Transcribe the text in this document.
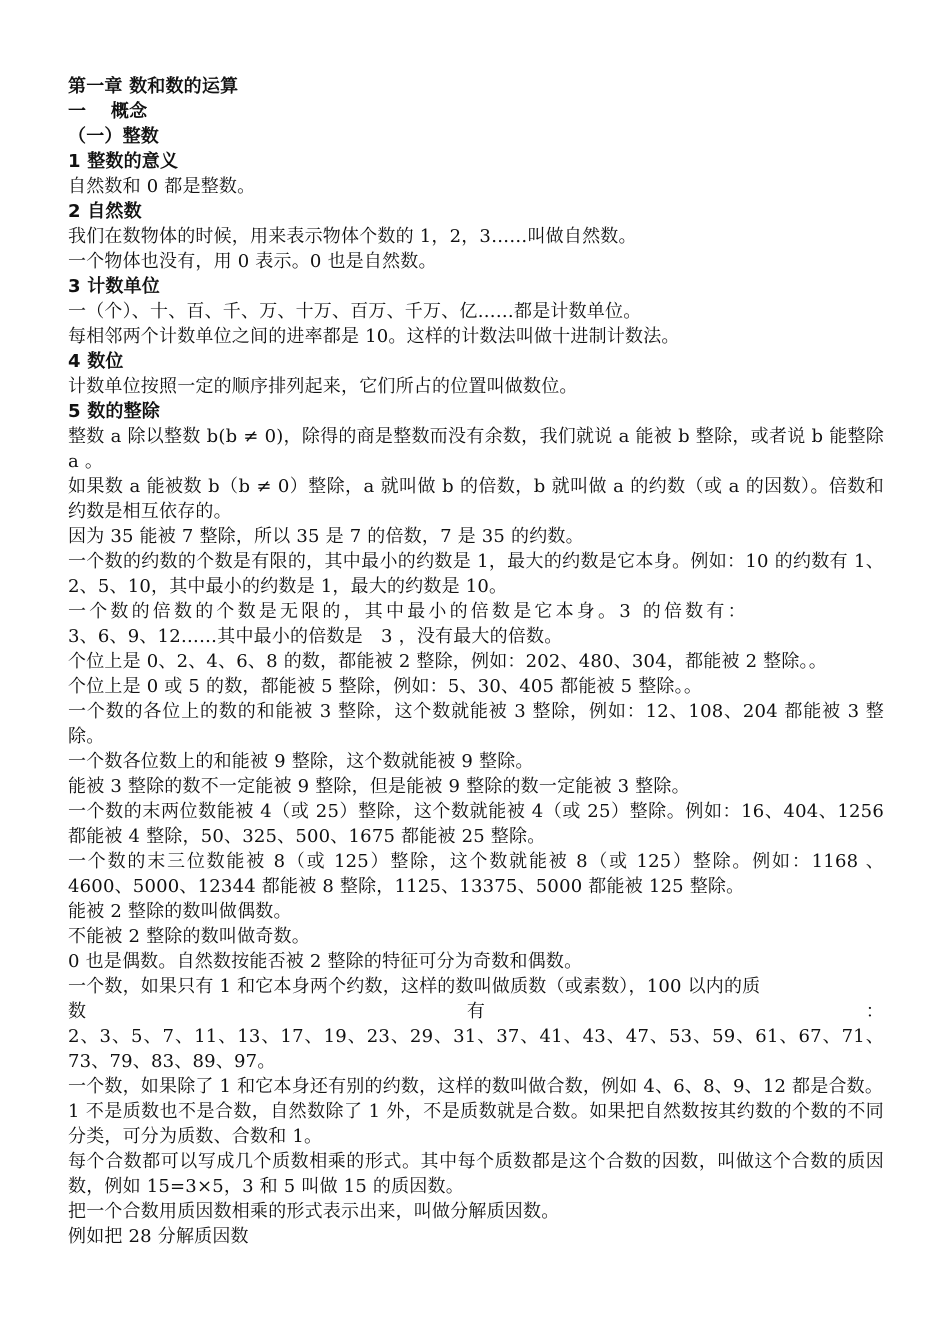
第一章 数和数的运算

一　 概念

（一）整数

1 整数的意义

自然数和 0 都是整数。

2 自然数

我们在数物体的时候，用来表示物体个数的 1，2，3……叫做自然数。

一个物体也没有，用 0 表示。0 也是自然数。

3 计数单位

一（个）、十、百、千、万、十万、百万、千万、亿……都是计数单位。

每相邻两个计数单位之间的进率都是 10。这样的计数法叫做十进制计数法。

4 数位

计数单位按照一定的顺序排列起来，它们所占的位置叫做数位。

5 数的整除

整数 a 除以整数 b(b ≠ 0)，除得的商是整数而没有余数，我们就说 a 能被 b 整除，或者说 b 能整除 a 。

如果数 a 能被数 b（b ≠ 0）整除，a 就叫做 b 的倍数，b 就叫做 a 的约数（或 a 的因数）。倍数和约数是相互依存的。

因为 35 能被 7 整除，所以 35 是 7 的倍数，7 是 35 的约数。

一个数的约数的个数是有限的，其中最小的约数是 1，最大的约数是它本身。例如：10 的约数有 1、2、5、10，其中最小的约数是 1，最大的约数是 10。

一个数的倍数的个数是无限的，其中最小的倍数是它本身。3 的倍数有：

3、6、9、12……其中最小的倍数是　3 ，没有最大的倍数。

个位上是 0、2、4、6、8 的数，都能被 2 整除，例如：202、480、304，都能被 2 整除。。

个位上是 0 或 5 的数，都能被 5 整除，例如：5、30、405 都能被 5 整除。。

一个数的各位上的数的和能被 3 整除，这个数就能被 3 整除，例如：12、108、204 都能被 3 整除。

一个数各位数上的和能被 9 整除，这个数就能被 9 整除。

能被 3 整除的数不一定能被 9 整除，但是能被 9 整除的数一定能被 3 整除。

一个数的末两位数能被 4（或 25）整除，这个数就能被 4（或 25）整除。例如：16、404、1256 都能被 4 整除，50、325、500、1675 都能被 25 整除。

一个数的末三位数能被 8（或 125）整除，这个数就能被 8（或 125）整除。例如：1168 、4600、5000、12344 都能被 8 整除，1125、13375、5000 都能被 125 整除。

能被 2 整除的数叫做偶数。

不能被 2 整除的数叫做奇数。

0 也是偶数。自然数按能否被 2 整除的特征可分为奇数和偶数。

一个数，如果只有 1 和它本身两个约数，这样的数叫做质数（或素数），100 以内的质

数	有	：

2、3、5、7、11、13、17、19、23、29、31、37、41、43、47、53、59、61、67、71、73、79、83、89、97。

一个数，如果除了 1 和它本身还有别的约数，这样的数叫做合数，例如 4、6、8、9、12 都是合数。

1 不是质数也不是合数，自然数除了 1 外，不是质数就是合数。如果把自然数按其约数的个数的不同分类，可分为质数、合数和 1。

每个合数都可以写成几个质数相乘的形式。其中每个质数都是这个合数的因数，叫做这个合数的质因数，例如 15=3×5，3 和 5 叫做 15 的质因数。

把一个合数用质因数相乘的形式表示出来，叫做分解质因数。

例如把 28 分解质因数
